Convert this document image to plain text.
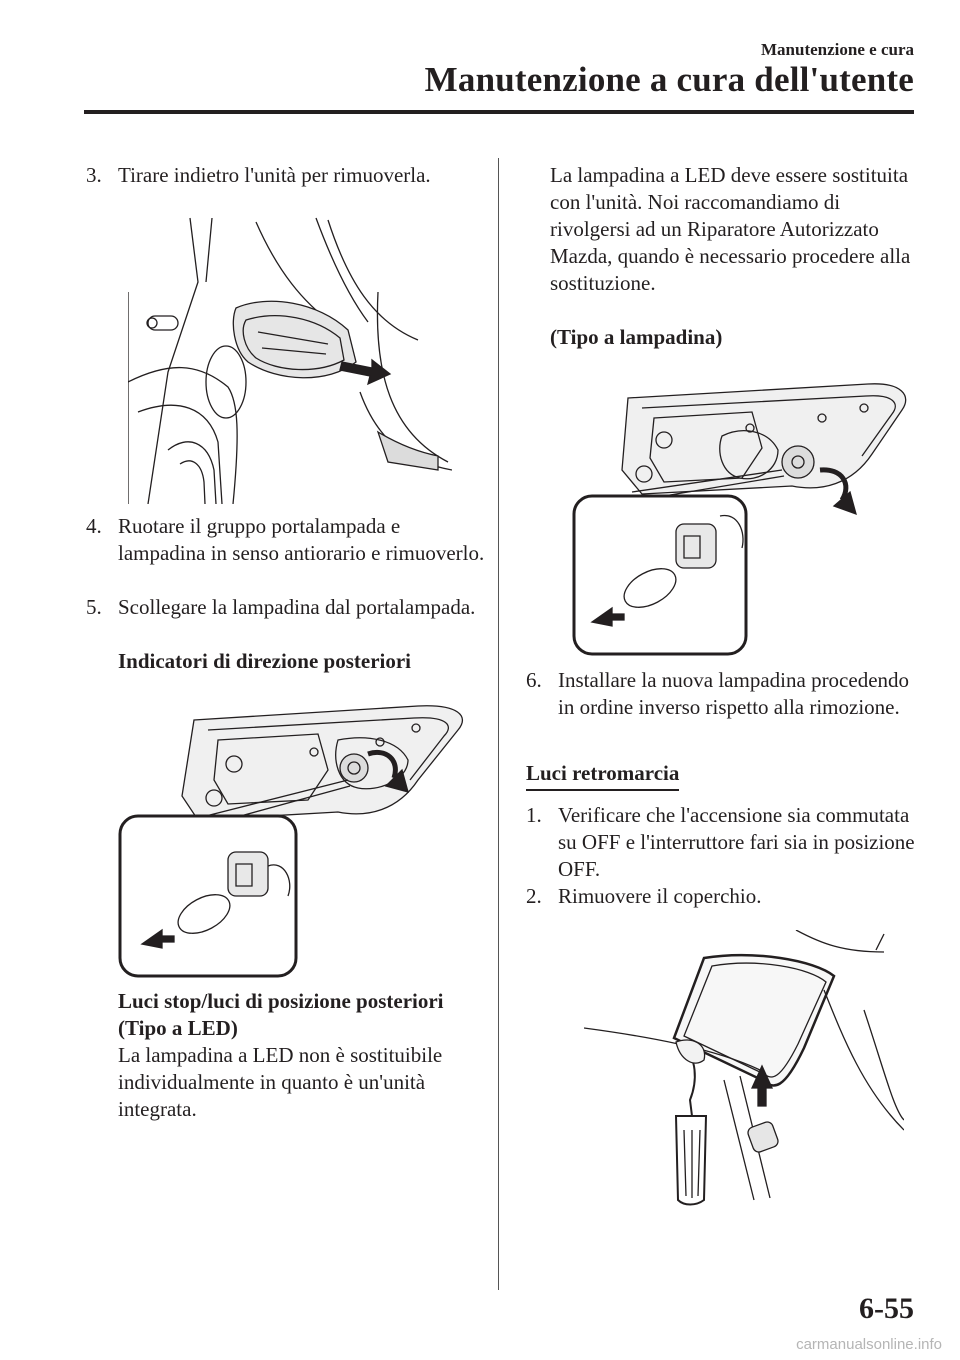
Manutenzione e cura
Manutenzione a cura dell'utente
3. Tirare indietro l'unità per rimuoverla.
4. Ruotare il gruppo portalampada e lampadina in senso antiorario e rimuoverlo.
5. Scollegare la lampadina dal portalampada.
Indicatori di direzione posteriori
Luci stop/luci di posizione posteriori
(Tipo a LED)
La lampadina a LED non è sostituibile individualmente in quanto è un'unità integrata.
La lampadina a LED deve essere sostituita con l'unità. Noi raccomandiamo di rivolgersi ad un Riparatore Autorizzato Mazda, quando è necessario procedere alla sostituzione.
(Tipo a lampadina)
6. Installare la nuova lampadina procedendo in ordine inverso rispetto alla rimozione.
Luci retromarcia
1. Verificare che l'accensione sia commutata su OFF e l'interruttore fari sia in posizione OFF.
2. Rimuovere il coperchio.
6-55
carmanualsonline.info
